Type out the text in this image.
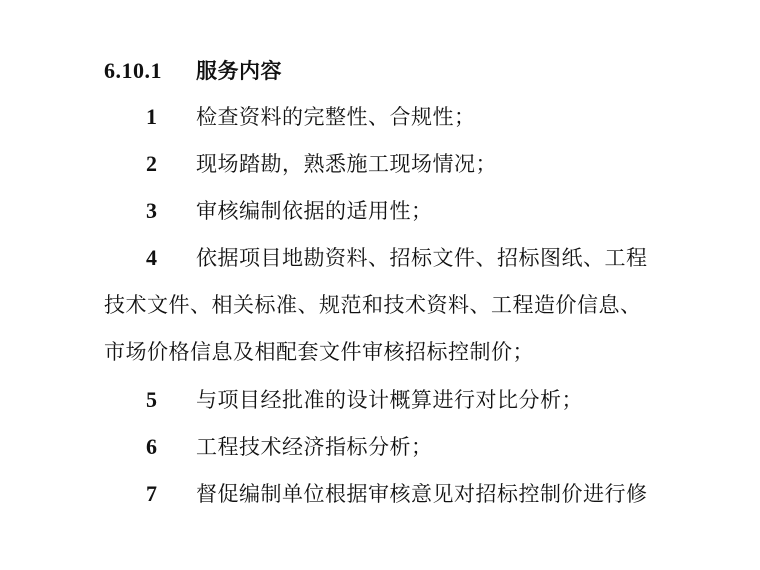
6.10.1 服务内容
1 检查资料的完整性、合规性；
2 现场踏勘，熟悉施工现场情况；
3 审核编制依据的适用性；
4 依据项目地勘资料、招标文件、招标图纸、工程
技术文件、相关标准、规范和技术资料、工程造价信息、
市场价格信息及相配套文件审核招标控制价；
5 与项目经批准的设计概算进行对比分析；
6 工程技术经济指标分析；
7 督促编制单位根据审核意见对招标控制价进行修
